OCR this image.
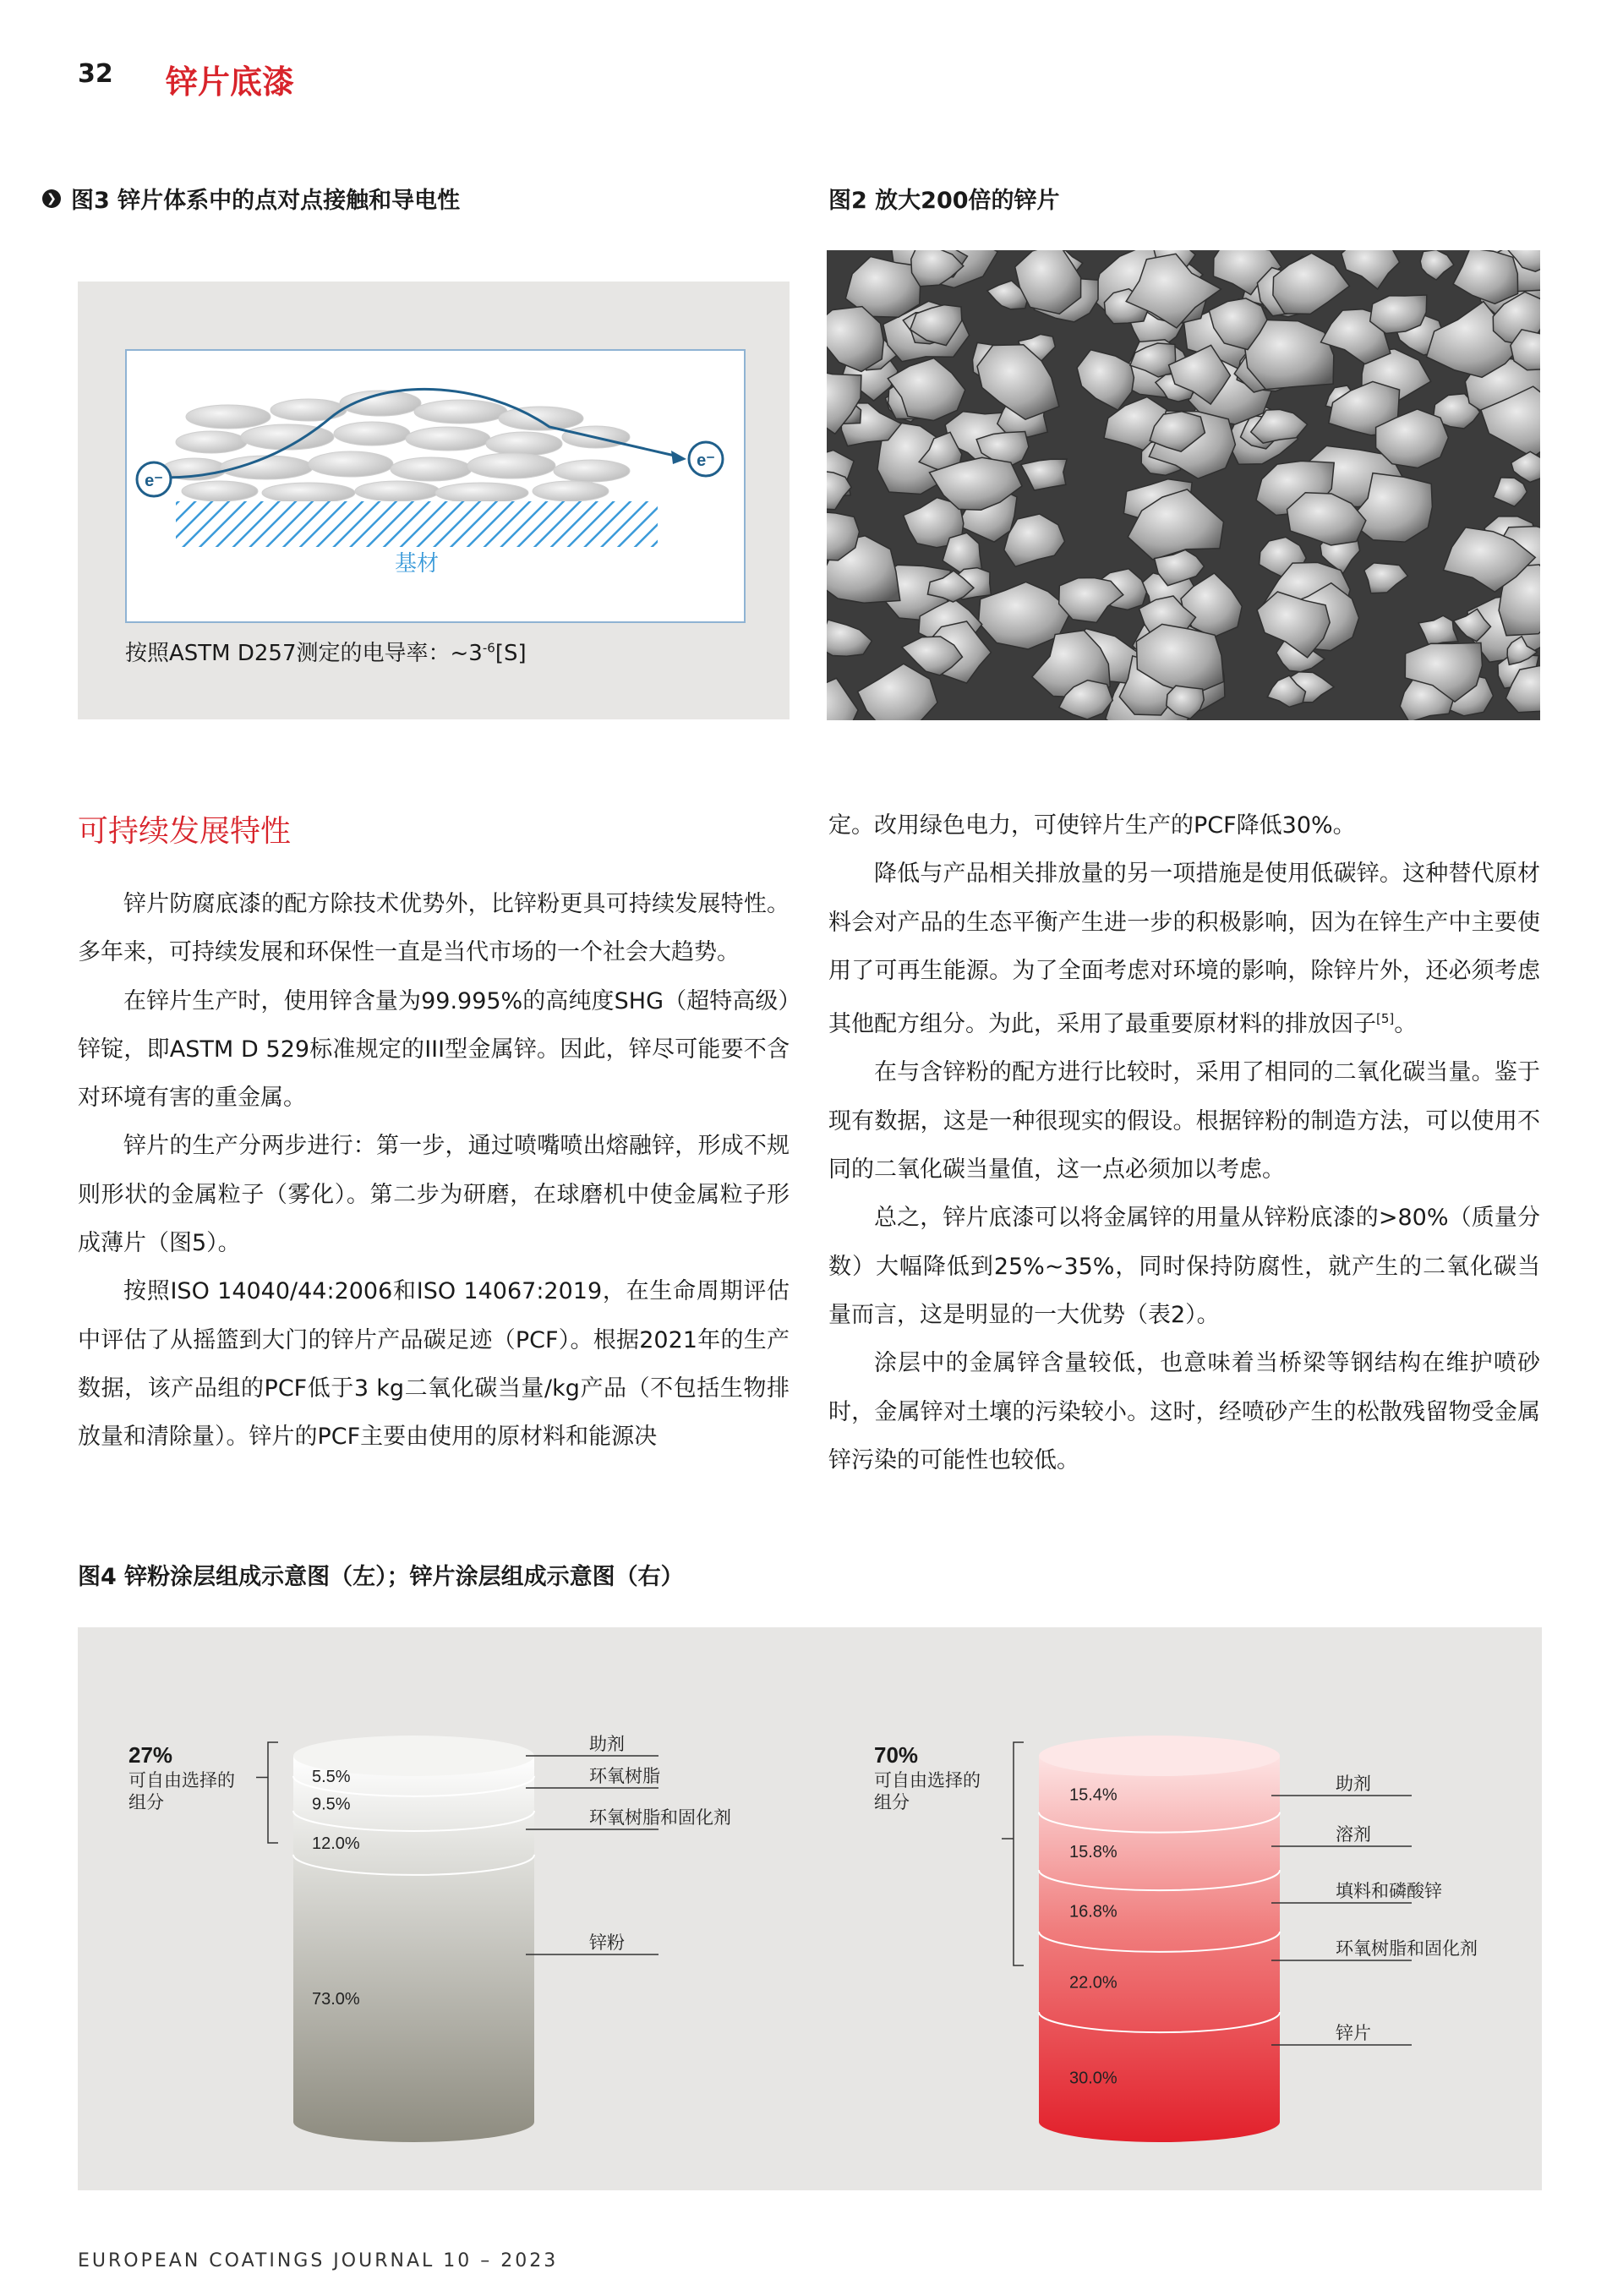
32 锌片底漆
❯ 图3 锌片体系中的点对点接触和导电性	图2 放大200倍的锌片
基材
e⁻
e⁻
按照ASTM D257测定的电导率：$\sim 3^{-6}[S]$
可持续发展特性

锌片防腐底漆的配方除技术优势外，比锌粉更具可持续发展特性。多年来，可持续发展和环保性一直是当代市场的一个社会大趋势。

在锌片生产时，使用锌含量为99.995%的高纯度SHG（超特高级）锌锭，即ASTM D 529标准规定的III型金属锌。因此，锌尽可能要不含对环境有害的重金属。

锌片的生产分两步进行：第一步，通过喷嘴喷出熔融锌，形成不规则形状的金属粒子（雾化）。第二步为研磨，在球磨机中使金属粒子形成薄片（图5）。

按照ISO 14040/44:2006和ISO 14067:2019，在生命周期评估中评估了从摇篮到大门的锌片产品碳足迹（PCF）。根据2021年的生产数据，该产品组的PCF低于3 kg二氧化碳当量/kg产品（不包括生物排放量和清除量）。锌片的PCF主要由使用的原材料和能源决

定。改用绿色电力，可使锌片生产的PCF降低30%。

降低与产品相关排放量的另一项措施是使用低碳锌。这种替代原材料会对产品的生态平衡产生进一步的积极影响，因为在锌生产中主要使用了可再生能源。为了全面考虑对环境的影响，除锌片外，还必须考虑其他配方组分。为此，采用了最重要原材料的排放因子[5]。

在与含锌粉的配方进行比较时，采用了相同的二氧化碳当量。鉴于现有数据，这是一种很现实的假设。根据锌粉的制造方法，可以使用不同的二氧化碳当量值，这一点必须加以考虑。

总之，锌片底漆可以将金属锌的用量从锌粉底漆的>80%（质量分数）大幅降低到25%~35%，同时保持防腐性，就产生的二氧化碳当量而言，这是明显的一大优势（表2）。

涂层中的金属锌含量较低，也意味着当桥梁等钢结构在维护喷砂时，金属锌对土壤的污染较小。这时，经喷砂产生的松散残留物受金属锌污染的可能性也较低。

图4 锌粉涂层组成示意图（左）；锌片涂层组成示意图（右）
5.5%
助剂
9.5%
环氧树脂
12.0%
环氧树脂和固化剂
73.0%
锌粉
27%
可自由选择的
组分	15.4%
助剂
15.8%
溶剂
16.8%
填料和磷酸锌
22.0%
环氧树脂和固化剂
30.0%
锌片
70%
可自由选择的
组分
EUROPEAN COATINGS JOURNAL 10 – 2023
